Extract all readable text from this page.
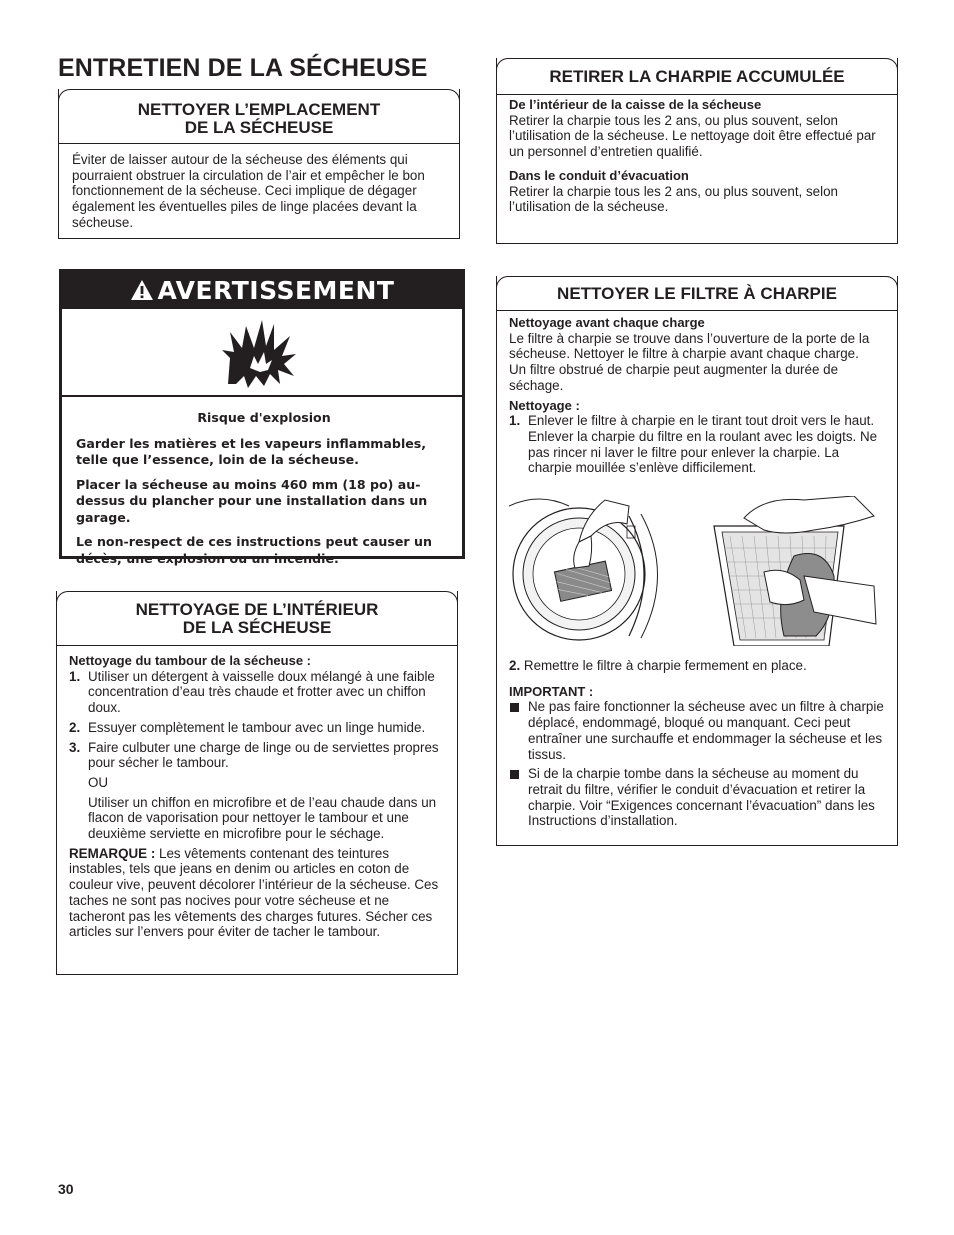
ENTRETIEN DE LA SÉCHEUSE
NETTOYER L’EMPLACEMENT
DE LA SÉCHEUSE

Éviter de laisser autour de la sécheuse des éléments qui pourraient obstruer la circulation de l’air et empêcher le bon fonctionnement de la sécheuse. Ceci implique de dégager également les éventuelles piles de linge placées devant la sécheuse.

AVERTISSEMENT

Risque d'explosion

Garder les matières et les vapeurs inflammables, telle que l’essence, loin de la sécheuse.

Placer la sécheuse au moins 460 mm (18 po) au-dessus du plancher pour une installation dans un garage.

Le non-respect de ces instructions peut causer un décès, une explosion ou un incendie.

NETTOYAGE DE L’INTÉRIEUR
DE LA SÉCHEUSE

Nettoyage du tambour de la sécheuse :

1. Utiliser un détergent à vaisselle doux mélangé à une faible concentration d’eau très chaude et frotter avec un chiffon doux.
2. Essuyer complètement le tambour avec un linge humide.
3. Faire culbuter une charge de linge ou de serviettes propres pour sécher le tambour.

OU

Utiliser un chiffon en microfibre et de l’eau chaude dans un flacon de vaporisation pour nettoyer le tambour et une deuxième serviette en microfibre pour le séchage.

REMARQUE : Les vêtements contenant des teintures instables, tels que jeans en denim ou articles en coton de couleur vive, peuvent décolorer l’intérieur de la sécheuse. Ces taches ne sont pas nocives pour votre sécheuse et ne tacheront pas les vêtements des charges futures. Sécher ces articles sur l’envers pour éviter de tacher le tambour.

RETIRER LA CHARPIE ACCUMULÉE

De l’intérieur de la caisse de la sécheuse

Retirer la charpie tous les 2 ans, ou plus souvent, selon l’utilisation de la sécheuse. Le nettoyage doit être effectué par un personnel d’entretien qualifié.

Dans le conduit d’évacuation

Retirer la charpie tous les 2 ans, ou plus souvent, selon l’utilisation de la sécheuse.

NETTOYER LE FILTRE À CHARPIE

Nettoyage avant chaque charge

Le filtre à charpie se trouve dans l’ouverture de la porte de la sécheuse. Nettoyer le filtre à charpie avant chaque charge. Un filtre obstrué de charpie peut augmenter la durée de séchage.

Nettoyage :

1. Enlever le filtre à charpie en le tirant tout droit vers le haut. Enlever la charpie du filtre en la roulant avec les doigts. Ne pas rincer ni laver le filtre pour enlever la charpie. La charpie mouillée s’enlève difficilement.

2. Remettre le filtre à charpie fermement en place.

IMPORTANT :

Ne pas faire fonctionner la sécheuse avec un filtre à charpie déplacé, endommagé, bloqué ou manquant. Ceci peut entraîner une surchauffe et endommager la sécheuse et les tissus.
Si de la charpie tombe dans la sécheuse au moment du retrait du filtre, vérifier le conduit d’évacuation et retirer la charpie. Voir “Exigences concernant l’évacuation” dans les Instructions d’installation.
30
